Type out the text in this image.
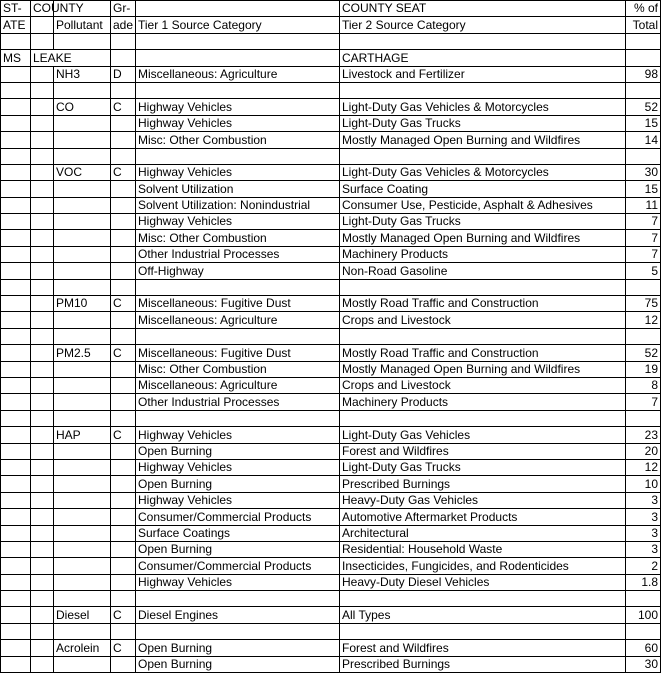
ST-	COUNTY		Gr-		COUNTY SEAT	% of
ATE		Pollutant	ade	Tier 1 Source Category	Tier 2 Source Category	Total

MS	LEAKE				CARTHAGE	
		NH3	D	Miscellaneous: Agriculture	Livestock and Fertilizer	98

		CO	C	Highway Vehicles	Light-Duty Gas Vehicles & Motorcycles	52
				Highway Vehicles	Light-Duty Gas Trucks	15
				Misc: Other Combustion	Mostly Managed Open Burning and Wildfires	14

		VOC	C	Highway Vehicles	Light-Duty Gas Vehicles & Motorcycles	30
				Solvent Utilization	Surface Coating	15
				Solvent Utilization: Nonindustrial	Consumer Use, Pesticide, Asphalt & Adhesives	11
				Highway Vehicles	Light-Duty Gas Trucks	7
				Misc: Other Combustion	Mostly Managed Open Burning and Wildfires	7
				Other Industrial Processes	Machinery Products	7
				Off-Highway	Non-Road Gasoline	5

		PM10	C	Miscellaneous: Fugitive Dust	Mostly Road Traffic and Construction	75
				Miscellaneous: Agriculture	Crops and Livestock	12

		PM2.5	C	Miscellaneous: Fugitive Dust	Mostly Road Traffic and Construction	52
				Misc: Other Combustion	Mostly Managed Open Burning and Wildfires	19
				Miscellaneous: Agriculture	Crops and Livestock	8
				Other Industrial Processes	Machinery Products	7

		HAP	C	Highway Vehicles	Light-Duty Gas Vehicles	23
				Open Burning	Forest and Wildfires	20
				Highway Vehicles	Light-Duty Gas Trucks	12
				Open Burning	Prescribed Burnings	10
				Highway Vehicles	Heavy-Duty Gas Vehicles	3
				Consumer/Commercial Products	Automotive Aftermarket Products	3
				Surface Coatings	Architectural	3
				Open Burning	Residential: Household Waste	3
				Consumer/Commercial Products	Insecticides, Fungicides, and Rodenticides	2
				Highway Vehicles	Heavy-Duty Diesel Vehicles	1.8

		Diesel	C	Diesel Engines	All Types	100

		Acrolein	C	Open Burning	Forest and Wildfires	60
				Open Burning	Prescribed Burnings	30
